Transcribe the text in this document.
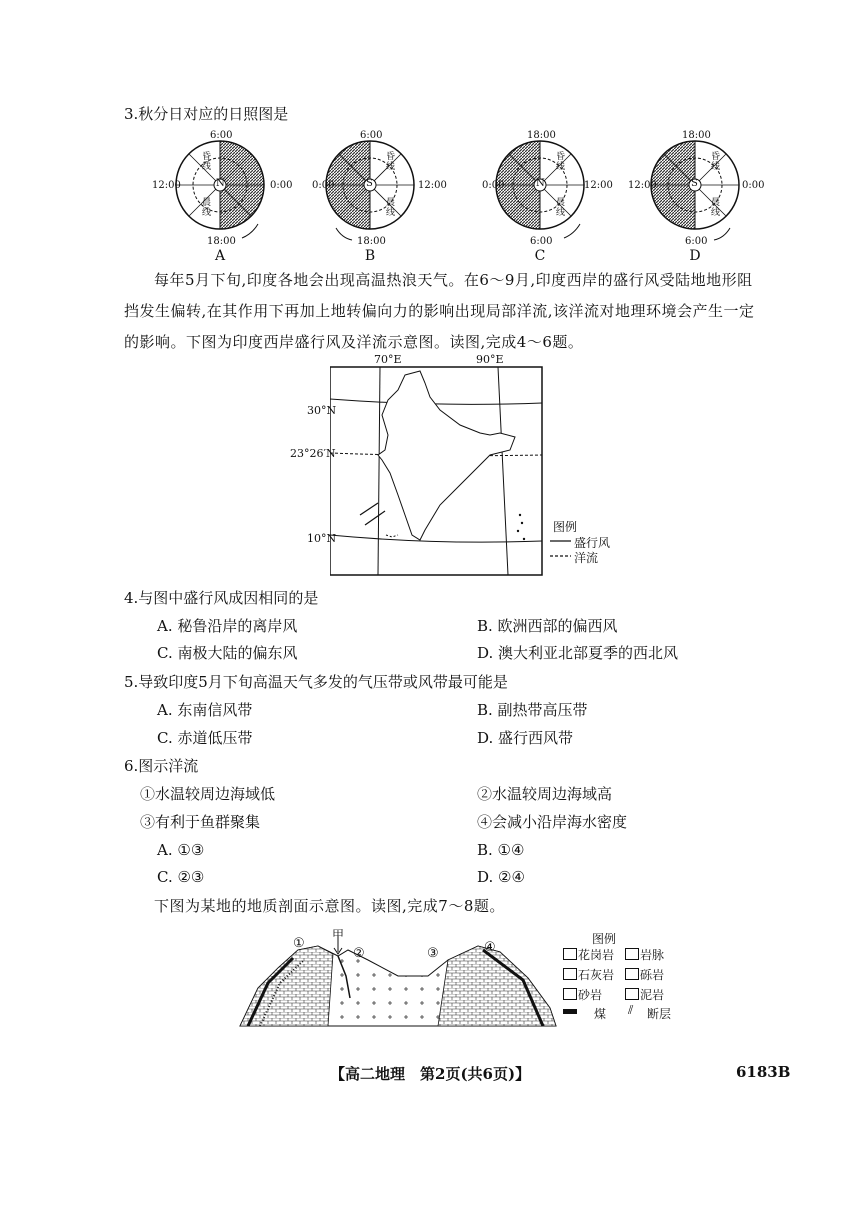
3.秋分日对应的日照图是
6:00
18:00
12:00	0:00
N
昏线
晨线
A
6:00
18:00
0:00	12:00
S
昏线
晨线
B
18:00
6:00
0:00	12:00
N
昏线
晨线
C
18:00
6:00
12:00	0:00
S
昏线
晨线
D
每年5月下旬,印度各地会出现高温热浪天气。在6～9月,印度西岸的盛行风受陆地地形阻挡发生偏转,在其作用下再加上地转偏向力的影响出现局部洋流,该洋流对地理环境会产生一定的影响。下图为印度西岸盛行风及洋流示意图。读图,完成4～6题。
70°E	90°E
30°N
23°26′N
10°N
图例
盛行风
洋流
4.与图中盛行风成因相同的是
A. 秘鲁沿岸的离岸风	B. 欧洲西部的偏西风
C. 南极大陆的偏东风	D. 澳大利亚北部夏季的西北风
5.导致印度5月下旬高温天气多发的气压带或风带最可能是
A. 东南信风带	B. 副热带高压带
C. 赤道低压带	D. 盛行西风带
6.图示洋流
①水温较周边海域低	②水温较周边海域高
③有利于鱼群聚集	④会减小沿岸海水密度
A. ①③	B. ①④
C. ②③	D. ②④
下图为某地的地质剖面示意图。读图,完成7～8题。
①
②	③	④
甲	图例
花岗岩 岩脉
石灰岩 砾岩
砂岩	泥岩
煤 ⫽ 断层
【高二地理　第2页(共6页)】	6183B
